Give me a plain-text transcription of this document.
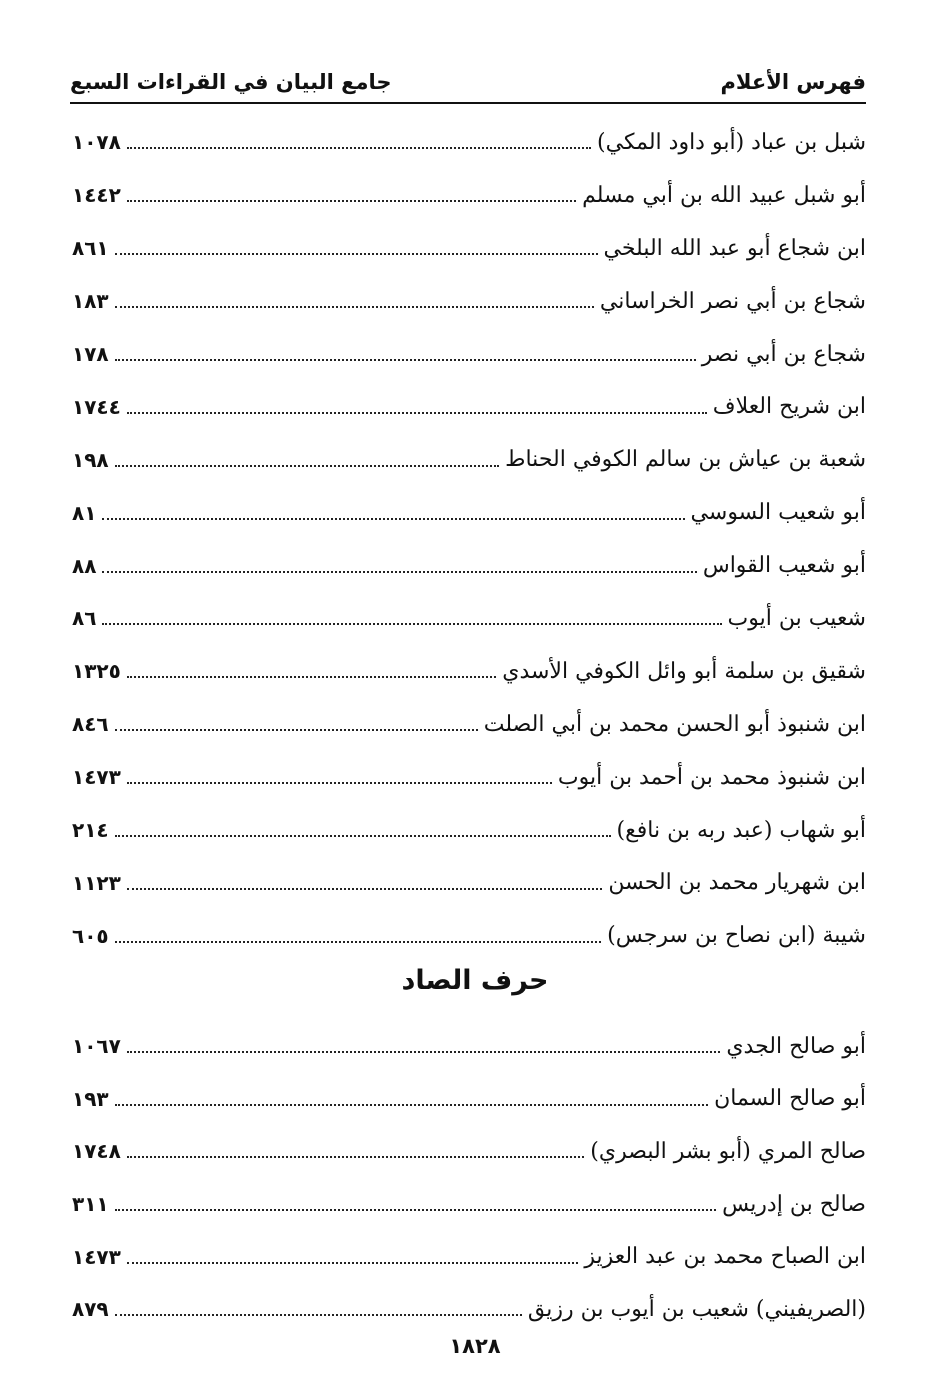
فهرس الأعلام
جامع البيان في القراءات السبع
شبل بن عباد (أبو داود المكي)
١٠٧٨
أبو شبل عبيد الله بن أبي مسلم
١٤٤٢
ابن شجاع أبو عبد الله البلخي
٨٦١
شجاع بن أبي نصر الخراساني
١٨٣
شجاع بن أبي نصر
١٧٨
ابن شريح العلاف
١٧٤٤
شعبة بن عياش بن سالم الكوفي الحناط
١٩٨
أبو شعيب السوسي
٨١
أبو شعيب القواس
٨٨
شعيب بن أيوب
٨٦
شقيق بن سلمة أبو وائل الكوفي الأسدي
١٣٢٥
ابن شنبوذ أبو الحسن محمد بن أبي الصلت
٨٤٦
ابن شنبوذ محمد بن أحمد بن أيوب
١٤٧٣
أبو شهاب (عبد ربه بن نافع)
٢١٤
ابن شهريار محمد بن الحسن
١١٢٣
شيبة (ابن نصاح بن سرجس)
٦٠٥
حرف الصاد
أبو صالح الجدي
١٠٦٧
أبو صالح السمان
١٩٣
صالح المري (أبو بشر البصري)
١٧٤٨
صالح بن إدريس
٣١١
ابن الصباح محمد بن عبد العزيز
١٤٧٣
(الصريفيني) شعيب بن أيوب بن رزيق
٨٧٩
١٨٢٨
